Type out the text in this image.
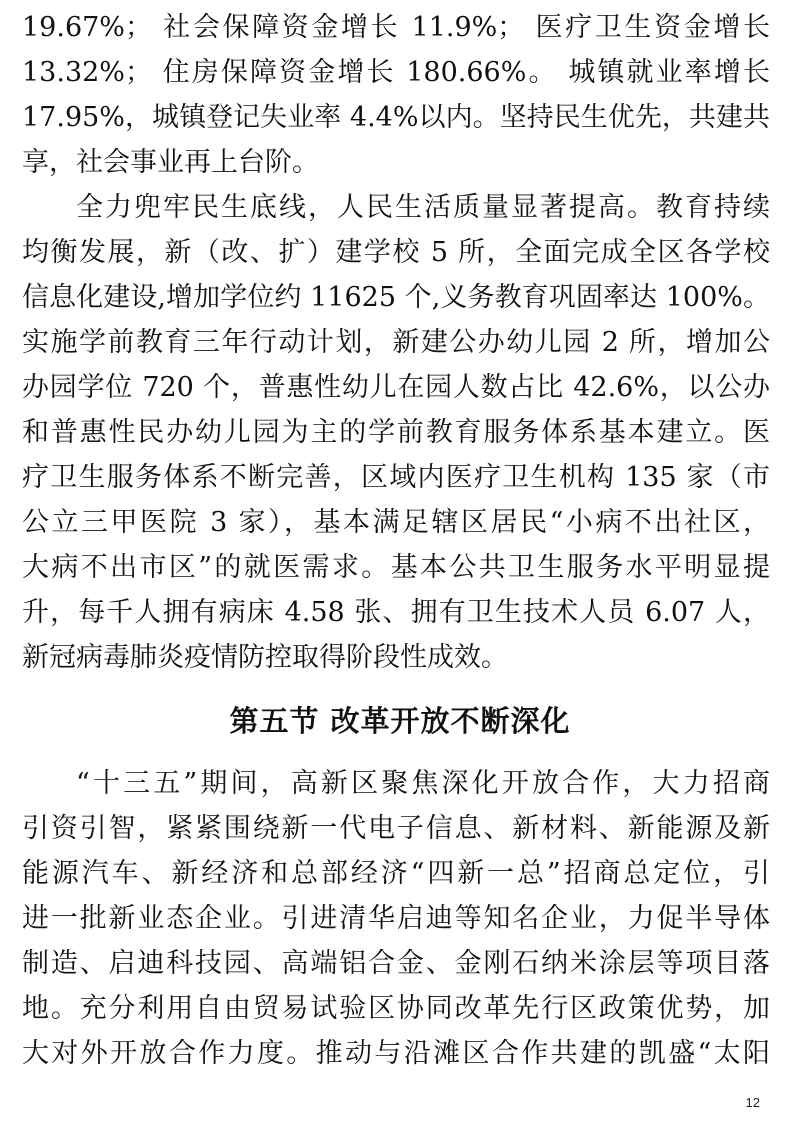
19.67%； 社会保障资金增长 11.9%； 医疗卫生资金增长
13.32%； 住房保障资金增长 180.66%。 城镇就业率增长
17.95%，城镇登记失业率 4.4%以内。坚持民生优先，共建共
享，社会事业再上台阶。
全力兜牢民生底线，人民生活质量显著提高。教育持续
均衡发展，新（改、扩）建学校 5 所，全面完成全区各学校
信息化建设,增加学位约 11625 个,义务教育巩固率达 100%。
实施学前教育三年行动计划，新建公办幼儿园 2 所，增加公
办园学位 720 个，普惠性幼儿在园人数占比 42.6%，以公办
和普惠性民办幼儿园为主的学前教育服务体系基本建立。医
疗卫生服务体系不断完善，区域内医疗卫生机构 135 家（市
公立三甲医院 3 家），基本满足辖区居民“小病不出社区，
大病不出市区”的就医需求。基本公共卫生服务水平明显提
升，每千人拥有病床 4.58 张、拥有卫生技术人员 6.07 人，
新冠病毒肺炎疫情防控取得阶段性成效。
第五节 改革开放不断深化
“十三五”期间，高新区聚焦深化开放合作，大力招商
引资引智，紧紧围绕新一代电子信息、新材料、新能源及新
能源汽车、新经济和总部经济“四新一总”招商总定位，引
进一批新业态企业。引进清华启迪等知名企业，力促半导体
制造、启迪科技园、高端铝合金、金刚石纳米涂层等项目落
地。充分利用自由贸易试验区协同改革先行区政策优势，加
大对外开放合作力度。推动与沿滩区合作共建的凯盛“太阳
12
